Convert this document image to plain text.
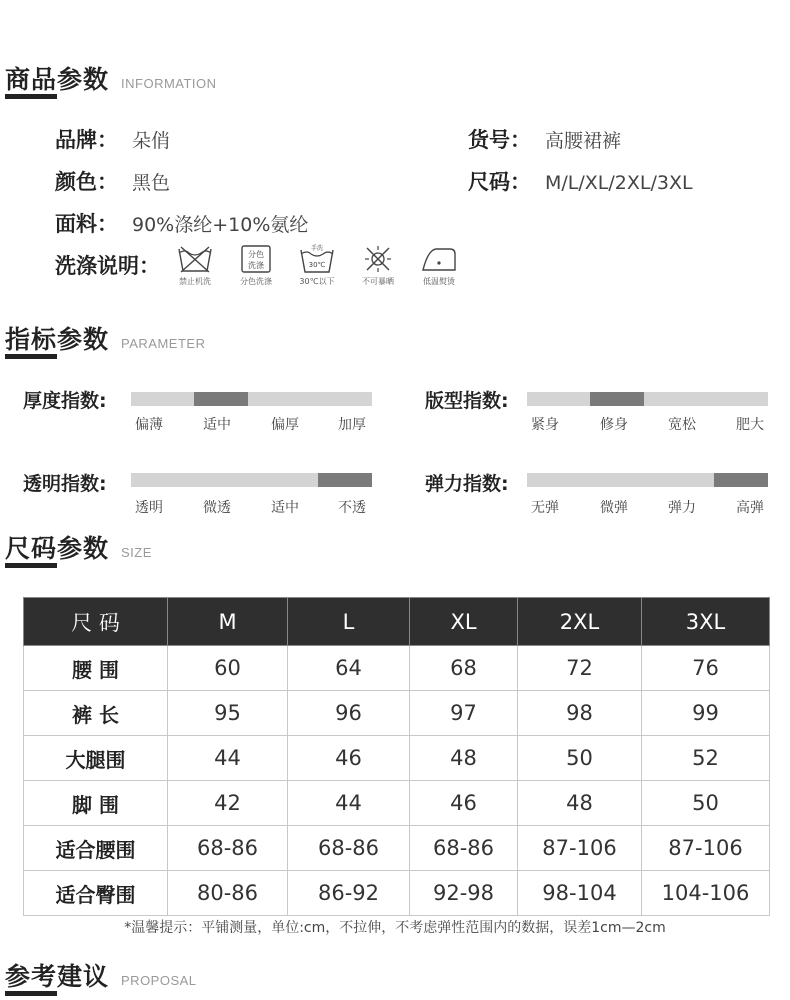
商品参数 INFORMATION
品牌： 朵俏	货号： 高腰裙裤
颜色： 黑色	尺码： M/L/XL/2XL/3XL
面料： 90%涤纶+10%氨纶
洗涤说明：
禁止机洗
分色
洗涤
分色洗涤
手洗
30℃
30℃以下	不可暴晒	低温熨烫
指标参数 PARAMETER
厚度指数:
偏薄	适中	偏厚	加厚
版型指数:
紧身	修身	宽松	肥大
透明指数:
透明	微透	适中	不透
弹力指数:
无弹	微弹	弹力	高弹
尺码参数 SIZE
尺 码	M	L	XL	2XL	3XL
腰 围	60	64	68	72	76
裤 长	95	96	97	98	99
大腿围	44	46	48	50	52
脚 围	42	44	46	48	50
适合腰围	68-86	68-86	68-86	87-106	87-106
适合臀围	80-86	86-92	92-98	98-104	104-106
*温馨提示：平铺测量，单位:cm，不拉伸，不考虑弹性范围内的数据，误差1cm—2cm
参考建议 PROPOSAL
